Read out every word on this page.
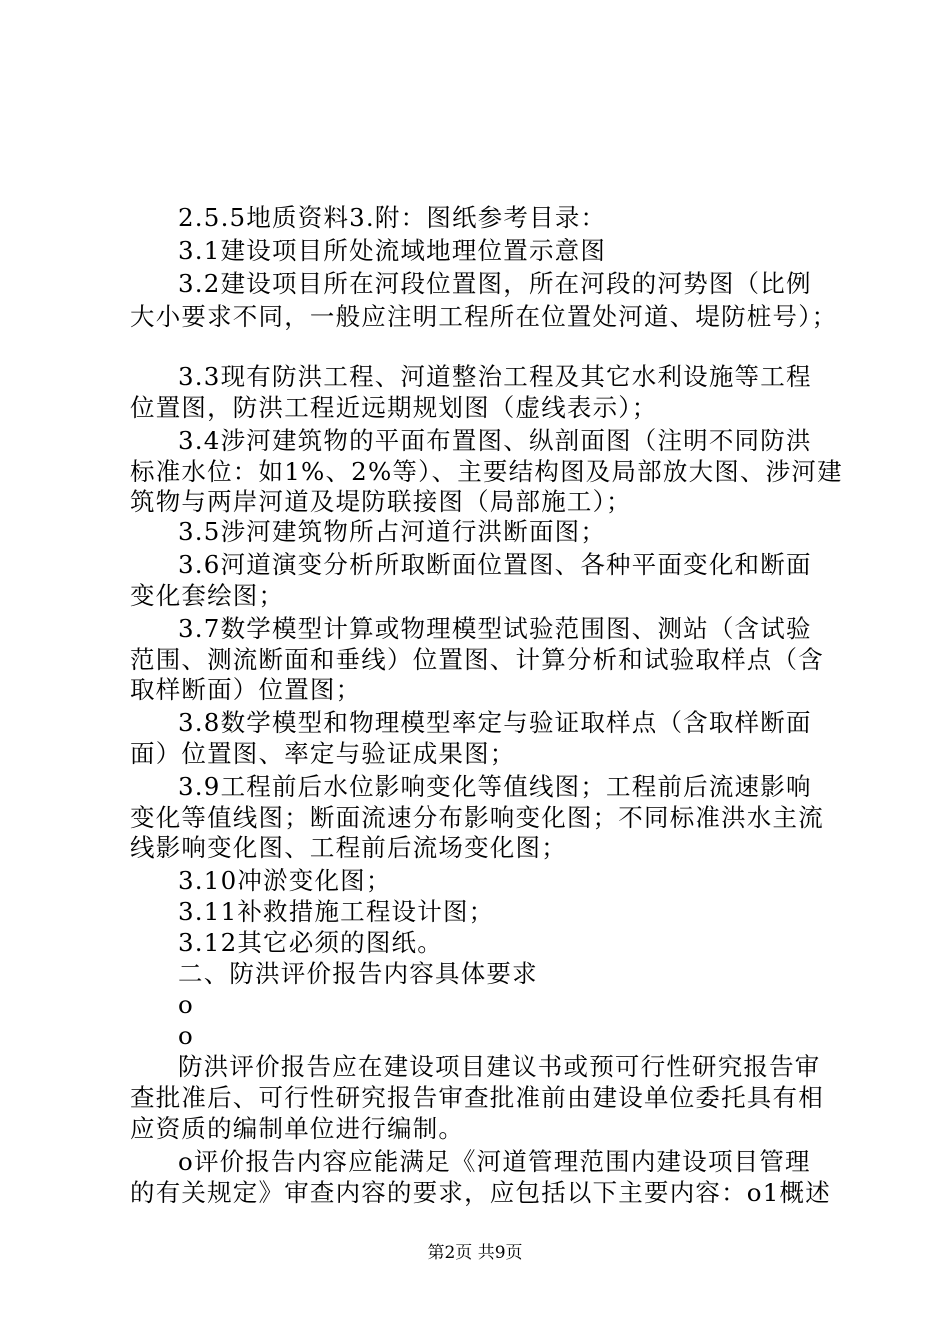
2.5.5地质资料3.附：图纸参考目录：
3.1建设项目所处流域地理位置示意图
3.2建设项目所在河段位置图，所在河段的河势图（比例
大小要求不同，一般应注明工程所在位置处河道、堤防桩号）；
3.3现有防洪工程、河道整治工程及其它水利设施等工程
位置图，防洪工程近远期规划图（虚线表示）；
3.4涉河建筑物的平面布置图、纵剖面图（注明不同防洪
标准水位：如1%、2%等）、主要结构图及局部放大图、涉河建
筑物与两岸河道及堤防联接图（局部施工）；
3.5涉河建筑物所占河道行洪断面图；
3.6河道演变分析所取断面位置图、各种平面变化和断面
变化套绘图；
3.7数学模型计算或物理模型试验范围图、测站（含试验
范围、测流断面和垂线）位置图、计算分析和试验取样点（含
取样断面）位置图；
3.8数学模型和物理模型率定与验证取样点（含取样断面
面）位置图、率定与验证成果图；
3.9工程前后水位影响变化等值线图；工程前后流速影响
变化等值线图；断面流速分布影响变化图；不同标准洪水主流
线影响变化图、工程前后流场变化图；
3.10冲淤变化图；
3.11补救措施工程设计图；
3.12其它必须的图纸。
二、防洪评价报告内容具体要求
o
o
防洪评价报告应在建设项目建议书或预可行性研究报告审
查批准后、可行性研究报告审查批准前由建设单位委托具有相
应资质的编制单位进行编制。
o评价报告内容应能满足《河道管理范围内建设项目管理
的有关规定》审查内容的要求，应包括以下主要内容：o1概述
第2页 共9页
